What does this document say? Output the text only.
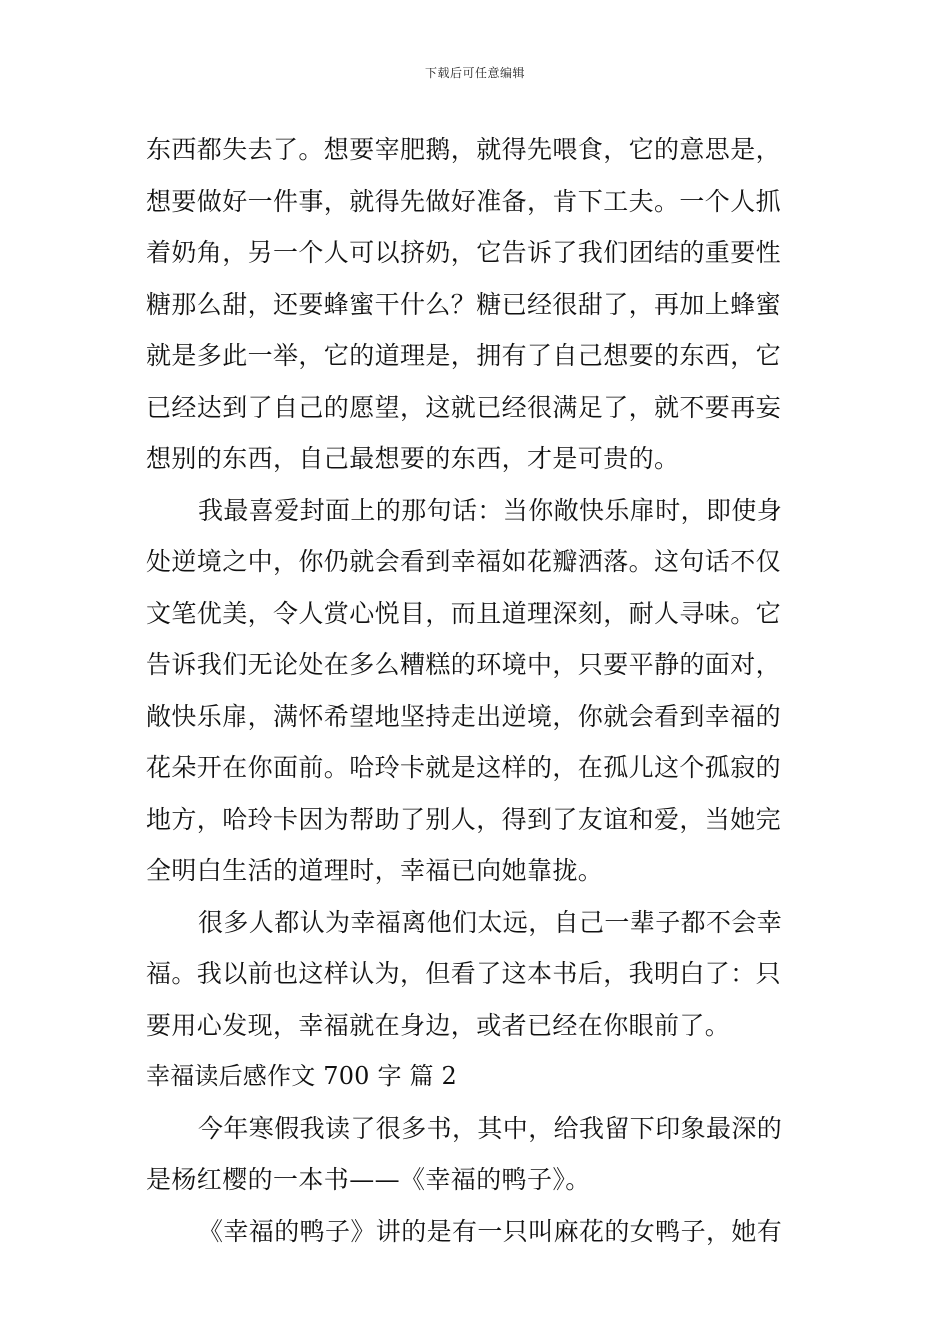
下载后可任意编辑
东西都失去了。想要宰肥鹅，就得先喂食，它的意思是，
想要做好一件事，就得先做好准备，肯下工夫。一个人抓
着奶角，另一个人可以挤奶，它告诉了我们团结的重要性
糖那么甜，还要蜂蜜干什么？糖已经很甜了，再加上蜂蜜
就是多此一举，它的道理是，拥有了自己想要的东西，它
已经达到了自己的愿望，这就已经很满足了，就不要再妄
想别的东西，自己最想要的东西，才是可贵的。
我最喜爱封面上的那句话：当你敞快乐扉时，即使身
处逆境之中，你仍就会看到幸福如花瓣洒落。这句话不仅
文笔优美，令人赏心悦目，而且道理深刻，耐人寻味。它
告诉我们无论处在多么糟糕的环境中，只要平静的面对，
敞快乐扉，满怀希望地坚持走出逆境，你就会看到幸福的
花朵开在你面前。哈玲卡就是这样的，在孤儿这个孤寂的
地方，哈玲卡因为帮助了别人，得到了友谊和爱，当她完
全明白生活的道理时，幸福已向她靠拢。
很多人都认为幸福离他们太远，自己一辈子都不会幸
福。我以前也这样认为，但看了这本书后，我明白了：只
要用心发现，幸福就在身边，或者已经在你眼前了。
幸福读后感作文 700 字 篇 2
今年寒假我读了很多书，其中，给我留下印象最深的
是杨红樱的一本书——《幸福的鸭子》。
《幸福的鸭子》讲的是有一只叫麻花的女鸭子，她有
